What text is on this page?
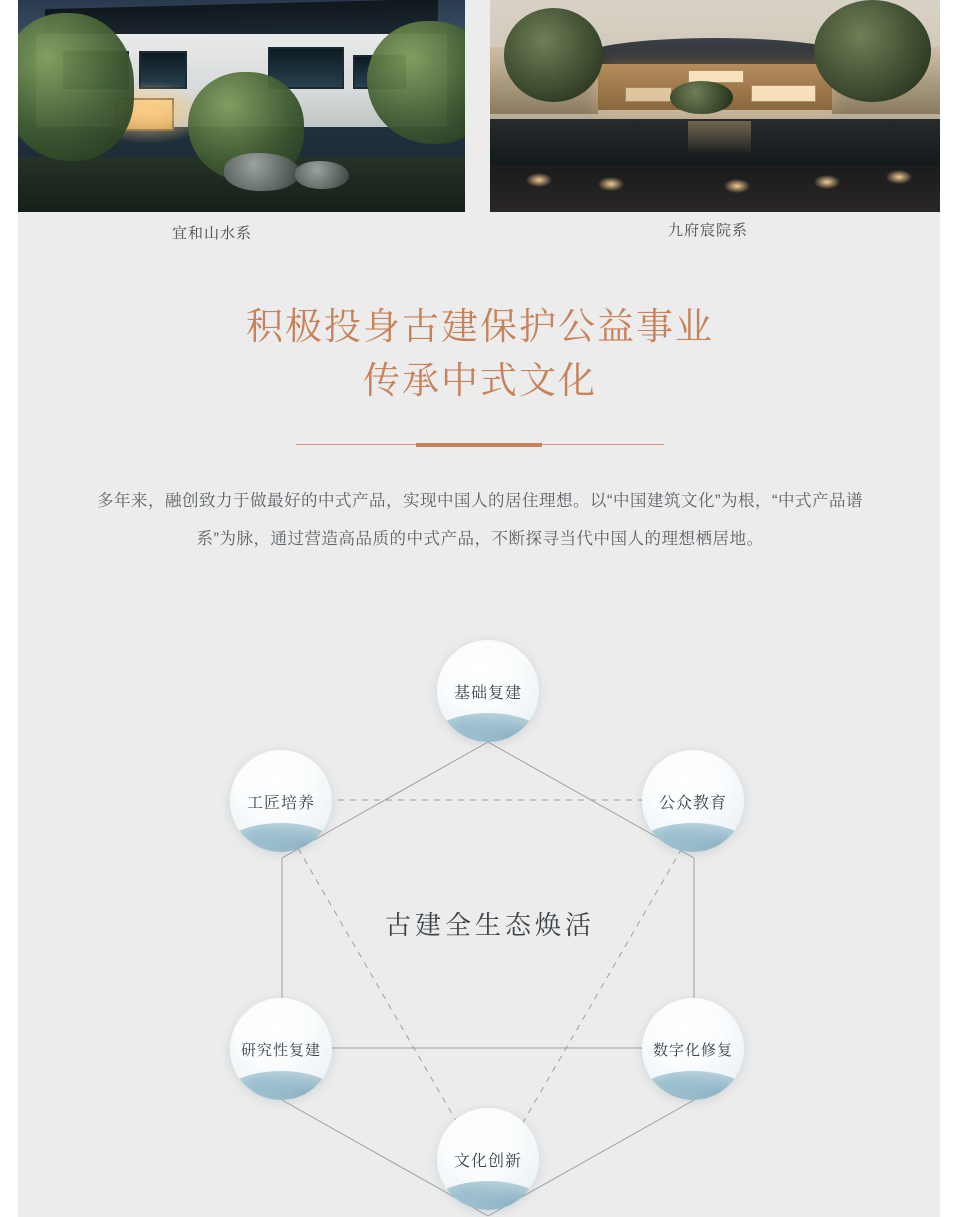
宜和山水系	九府宸院系
积极投身古建保护公益事业
传承中式文化
多年来，融创致力于做最好的中式产品，实现中国人的居住理想。以“中国建筑文化”为根，“中式产品谱系”为脉，通过营造高品质的中式产品，不断探寻当代中国人的理想栖居地。
基础复建
公众教育
数字化修复
文化创新
研究性复建
工匠培养
古建全生态焕活
